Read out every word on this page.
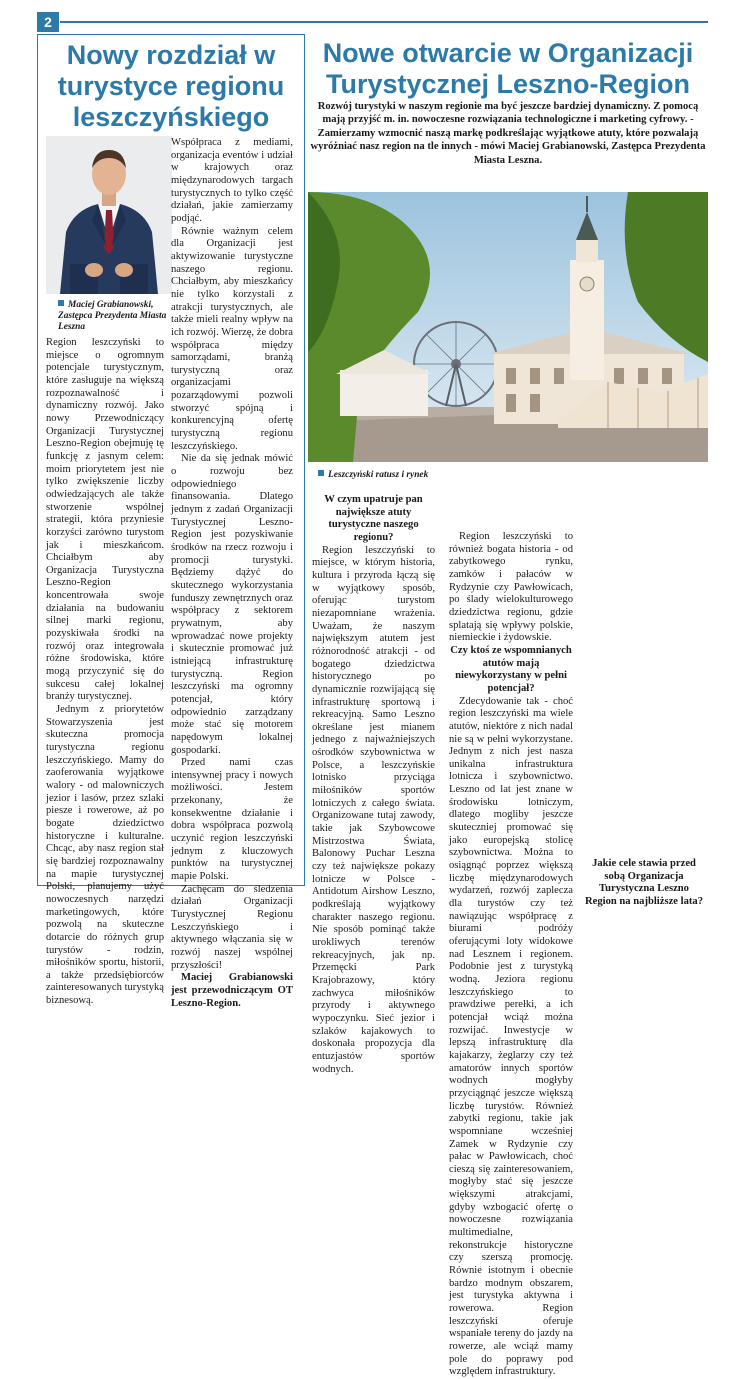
2
Nowy rozdział w turystyce regionu leszczyńskiego

Maciej Grabianowski, Zastępca Prezydenta Miasta Leszna

Region leszczyński to miejsce o ogromnym potencjale turystycznym, które zasługuje na większą rozpoznawalność i dynamiczny rozwój. Jako nowy Przewodniczący Organizacji Turystycznej Leszno-Region obejmuję tę funkcję z jasnym celem: moim priorytetem jest nie tylko zwiększenie liczby odwiedzających ale także stworzenie wspólnej strategii, która przyniesie korzyści zarówno turystom jak i mieszkańcom. Chciałbym aby Organizacja Turystyczna Leszno-Region koncentrowała swoje działania na budowaniu silnej marki regionu, pozyskiwała środki na rozwój oraz integrowała różne środowiska, które mogą przyczynić się do sukcesu całej lokalnej branży turystycznej.

Jednym z priorytetów Stowarzyszenia jest skuteczna promocja turystyczna regionu leszczyńskiego. Mamy do zaoferowania wyjątkowe walory - od malowniczych jezior i lasów, przez szlaki piesze i rowerowe, aż po bogate dziedzictwo historyczne i kulturalne. Chcąc, aby nasz region stał się bardziej rozpoznawalny na mapie turystycznej Polski, planujemy użyć nowoczesnych narzędzi marketingowych, które pozwolą na skuteczne dotarcie do różnych grup turystów - rodzin, miłośników sportu, historii, a także przedsiębiorców zainteresowanych turystyką biznesową.

Współpraca z mediami, organizacja eventów i udział w krajowych oraz międzynarodowych targach turystycznych to tylko część działań, jakie zamierzamy podjąć.

Równie ważnym celem dla Organizacji jest aktywizowanie turystyczne naszego regionu. Chciałbym, aby mieszkańcy nie tylko korzystali z atrakcji turystycznych, ale także mieli realny wpływ na ich rozwój. Wierzę, że dobra współpraca między samorządami, branżą turystyczną oraz organizacjami pozarządowymi pozwoli stworzyć spójną i konkurencyjną ofertę turystyczną regionu leszczyńskiego.

Nie da się jednak mówić o rozwoju bez odpowiedniego finansowania. Dlatego jednym z zadań Organizacji Turystycznej Leszno-Region jest pozyskiwanie środków na rzecz rozwoju i promocji turystyki. Będziemy dążyć do skutecznego wykorzystania funduszy zewnętrznych oraz współpracy z sektorem prywatnym, aby wprowadzać nowe projekty i skutecznie promować już istniejącą infrastrukturę turystyczną. Region leszczyński ma ogromny potencjał, który odpowiednio zarządzany może stać się motorem napędowym lokalnej gospodarki.

Przed nami czas intensywnej pracy i nowych możliwości. Jestem przekonany, że konsekwentne działanie i dobra współpraca pozwolą uczynić region leszczyński jednym z kluczowych punktów na turystycznej mapie Polski.

Zachęcam do śledzenia działań Organizacji Turystycznej Regionu Leszczyńskiego i aktywnego włączania się w rozwój naszej wspólnej przyszłości!

Maciej Grabianowski jest przewodniczącym OT Leszno-Region.

Nowe otwarcie w Organizacji Turystycznej Leszno-Region

Rozwój turystyki w naszym regionie ma być jeszcze bardziej dynamiczny. Z pomocą mają przyjść m. in. nowoczesne rozwiązania technologiczne i marketing cyfrowy. - Zamierzamy wzmocnić naszą markę podkreślając wyjątkowe atuty, które pozwalają wyróżniać nasz region na tle innych - mówi Maciej Grabianowski, Zastępca Prezydenta Miasta Leszna.

Leszczyński ratusz i rynek

W czym upatruje pan największe atuty turystyczne naszego regionu?

Region leszczyński to miejsce, w którym historia, kultura i przyroda łączą się w wyjątkowy sposób, oferując turystom niezapomniane wrażenia. Uważam, że naszym największym atutem jest różnorodność atrakcji - od bogatego dziedzictwa historycznego po dynamicznie rozwijającą się infrastrukturę sportową i rekreacyjną. Samo Leszno określane jest mianem jednego z najważniejszych ośrodków szybownictwa w Polsce, a leszczyńskie lotnisko przyciąga miłośników sportów lotniczych z całego świata. Organizowane tutaj zawody, takie jak Szybowcowe Mistrzostwa Świata, Balonowy Puchar Leszna czy też największe pokazy lotnicze w Polsce - Antidotum Airshow Leszno, podkreślają wyjątkowy charakter naszego regionu. Nie sposób pominąć także urokliwych terenów rekreacyjnych, jak np. Przemęcki Park Krajobrazowy, który zachwyca miłośników przyrody i aktywnego wypoczynku. Sieć jezior i szlaków kajakowych to doskonała propozycja dla entuzjastów sportów wodnych.

Region leszczyński to również bogata historia - od zabytkowego rynku, zamków i pałaców w Rydzynie czy Pawłowicach, po ślady wielokulturowego dziedzictwa regionu, gdzie splatają się wpływy polskie, niemieckie i żydowskie.

Czy ktoś ze wspomnianych atutów mają niewykorzystany w pełni potencjał?

Zdecydowanie tak - choć region leszczyński ma wiele atutów, niektóre z nich nadal nie są w pełni wykorzystane. Jednym z nich jest nasza unikalna infrastruktura lotnicza i szybownictwo. Leszno od lat jest znane w środowisku lotniczym, dlatego mogliby jeszcze skuteczniej promować się jako europejską stolicę szybownictwa. Można to osiągnąć poprzez większą liczbę międzynarodowych wydarzeń, rozwój zaplecza dla turystów czy też nawiązując współpracę z biurami podróży oferującymi loty widokowe nad Lesznem i regionem. Podobnie jest z turystyką wodną. Jeziora regionu leszczyńskiego to prawdziwe perełki, a ich potencjał wciąż można rozwijać. Inwestycje w lepszą infrastrukturę dla kajakarzy, żeglarzy czy też amatorów innych sportów wodnych mogłyby przyciągnąć jeszcze większą liczbę turystów. Również zabytki regionu, takie jak wspomniane wcześniej Zamek w Rydzynie czy pałac w Pawłowicach, choć cieszą się zainteresowaniem, mogłyby stać się jeszcze większymi atrakcjami, gdyby wzbogacić ofertę o nowoczesne rozwiązania multimedialne, rekonstrukcje historyczne czy szerszą promocję. Równie istotnym i obecnie bardzo modnym obszarem, jest turystyka aktywna i rowerowa. Region leszczyński oferuje wspaniałe tereny do jazdy na rowerze, ale wciąż mamy pole do poprawy pod względem infrastruktury.

Jakie cele stawia przed sobą Organizacja Turystyczna Leszno Region na najbliższe lata?
